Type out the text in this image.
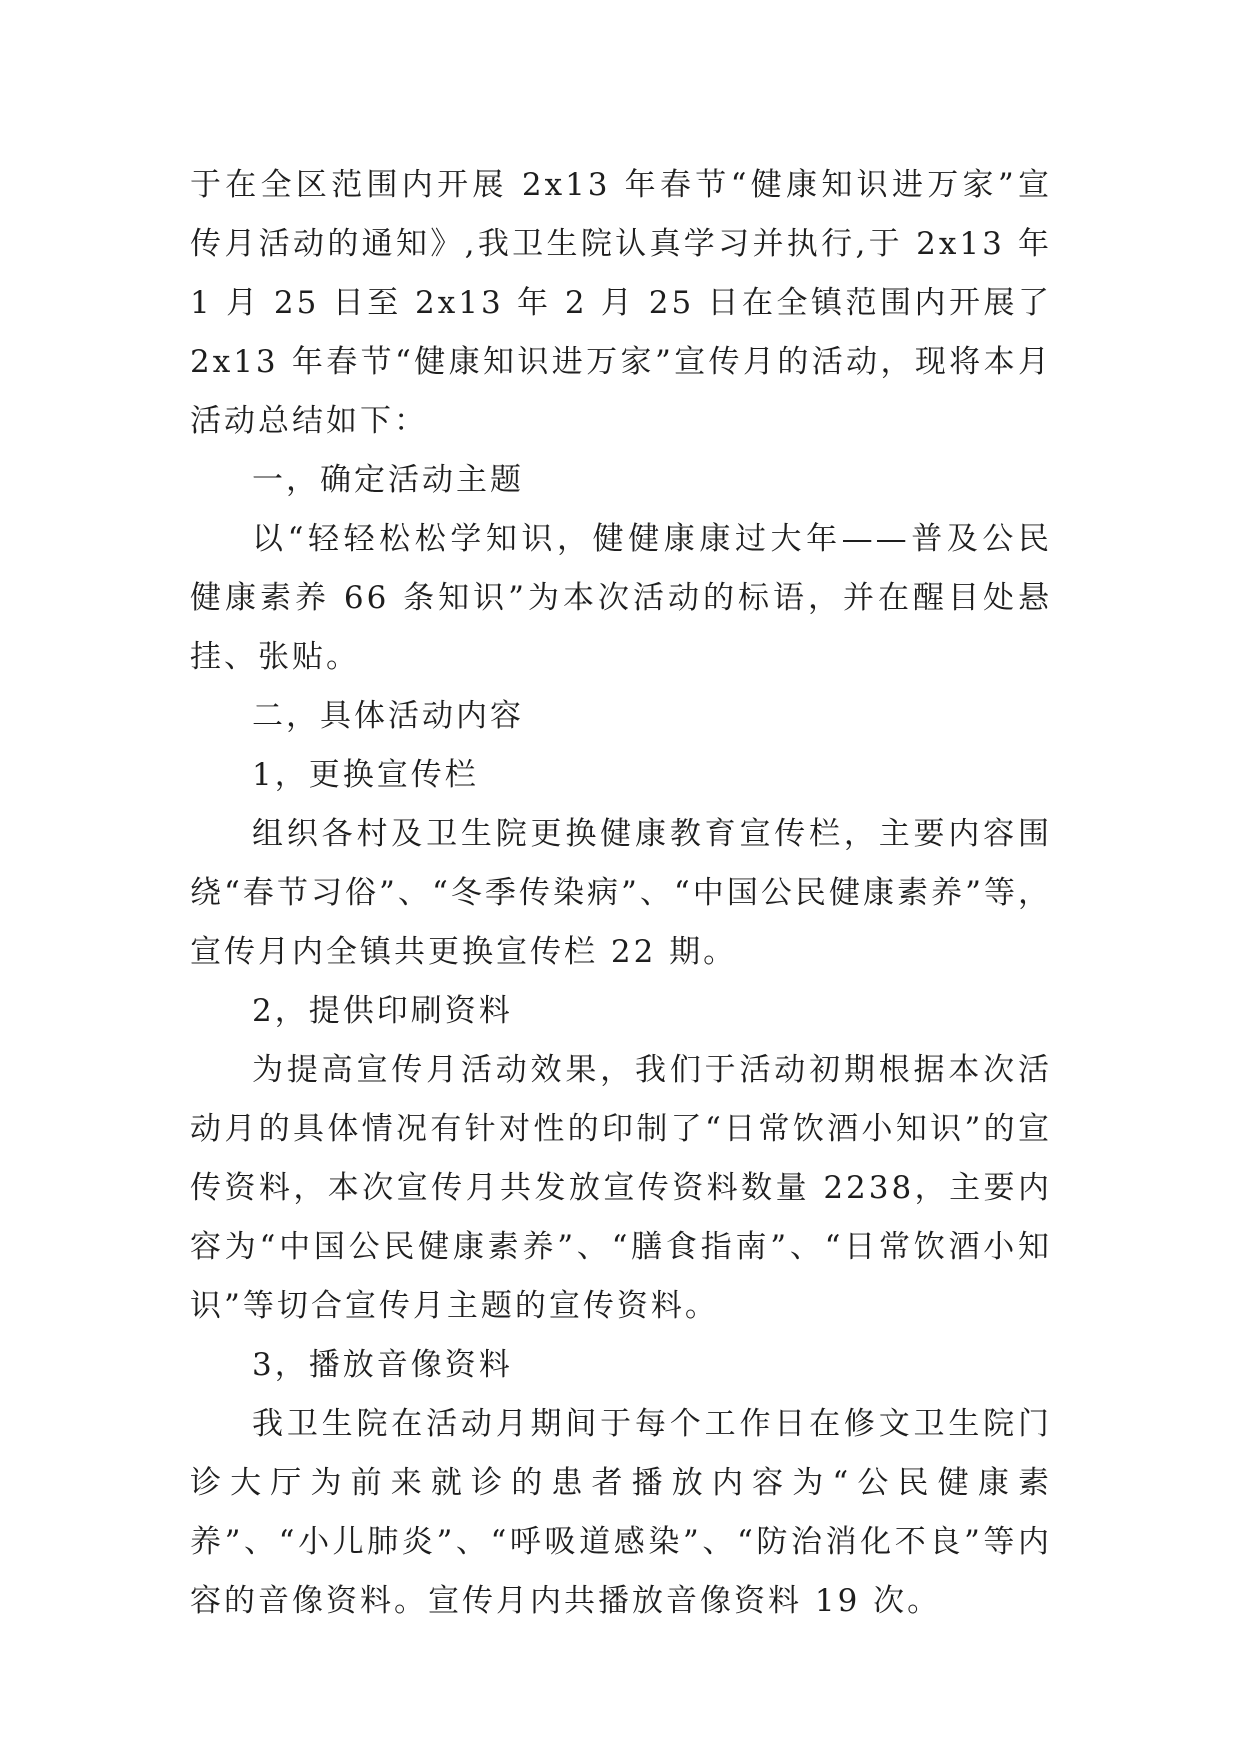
于在全区范围内开展 2x13 年春节“健康知识进万家”宣传月活动的通知》,我卫生院认真学习并执行,于 2x13 年 1 月 25 日至 2x13 年 2 月 25 日在全镇范围内开展了 2x13 年春节“健康知识进万家”宣传月的活动，现将本月活动总结如下：

一，确定活动主题

以“轻轻松松学知识，健健康康过大年——普及公民健康素养 66 条知识”为本次活动的标语，并在醒目处悬挂、张贴。

二，具体活动内容

1，更换宣传栏

组织各村及卫生院更换健康教育宣传栏，主要内容围绕“春节习俗”、“冬季传染病”、“中国公民健康素养”等，宣传月内全镇共更换宣传栏 22 期。

2，提供印刷资料

为提高宣传月活动效果，我们于活动初期根据本次活动月的具体情况有针对性的印制了“日常饮酒小知识”的宣传资料，本次宣传月共发放宣传资料数量 2238，主要内容为“中国公民健康素养”、“膳食指南”、“日常饮酒小知识”等切合宣传月主题的宣传资料。

3，播放音像资料

我卫生院在活动月期间于每个工作日在修文卫生院门诊大厅为前来就诊的患者播放内容为“公民健康素养”、“小儿肺炎”、“呼吸道感染”、“防治消化不良”等内容的音像资料。宣传月内共播放音像资料 19 次。
